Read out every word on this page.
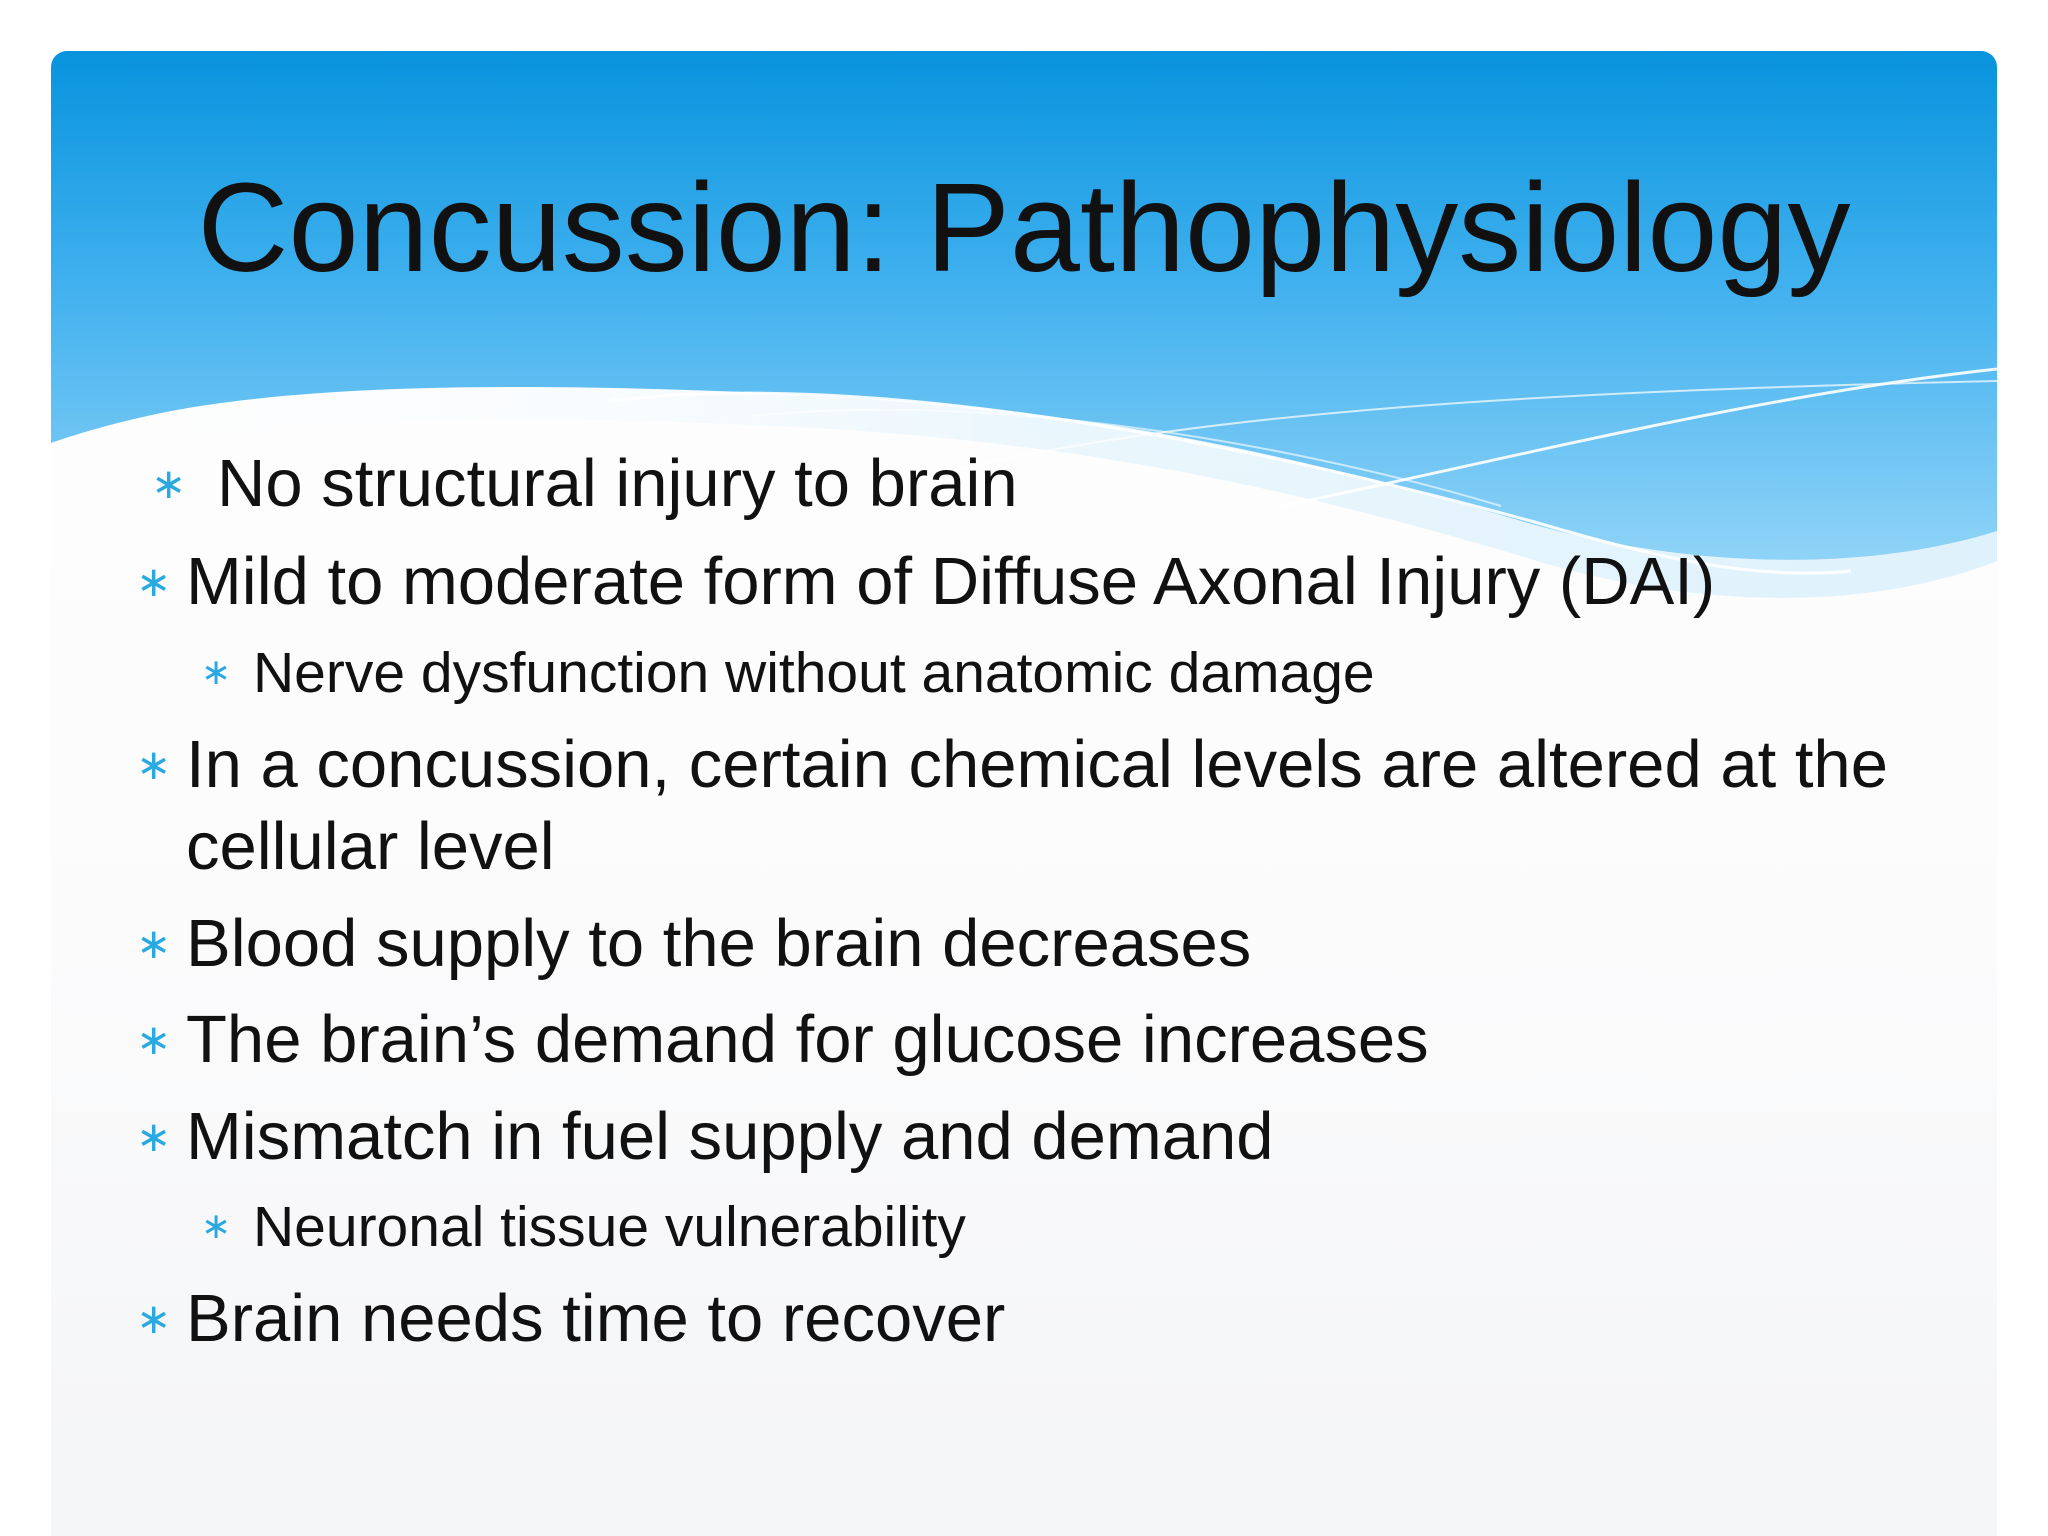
Concussion: Pathophysiology

∗ No structural injury to brain

∗ Mild to moderate form of Diffuse Axonal Injury (DAI)

∗ Nerve dysfunction without anatomic damage

∗ In a concussion, certain chemical levels are altered at the cellular level

∗ Blood supply to the brain decreases

∗ The brain’s demand for glucose increases

∗ Mismatch in fuel supply and demand

∗ Neuronal tissue vulnerability

∗ Brain needs time to recover
